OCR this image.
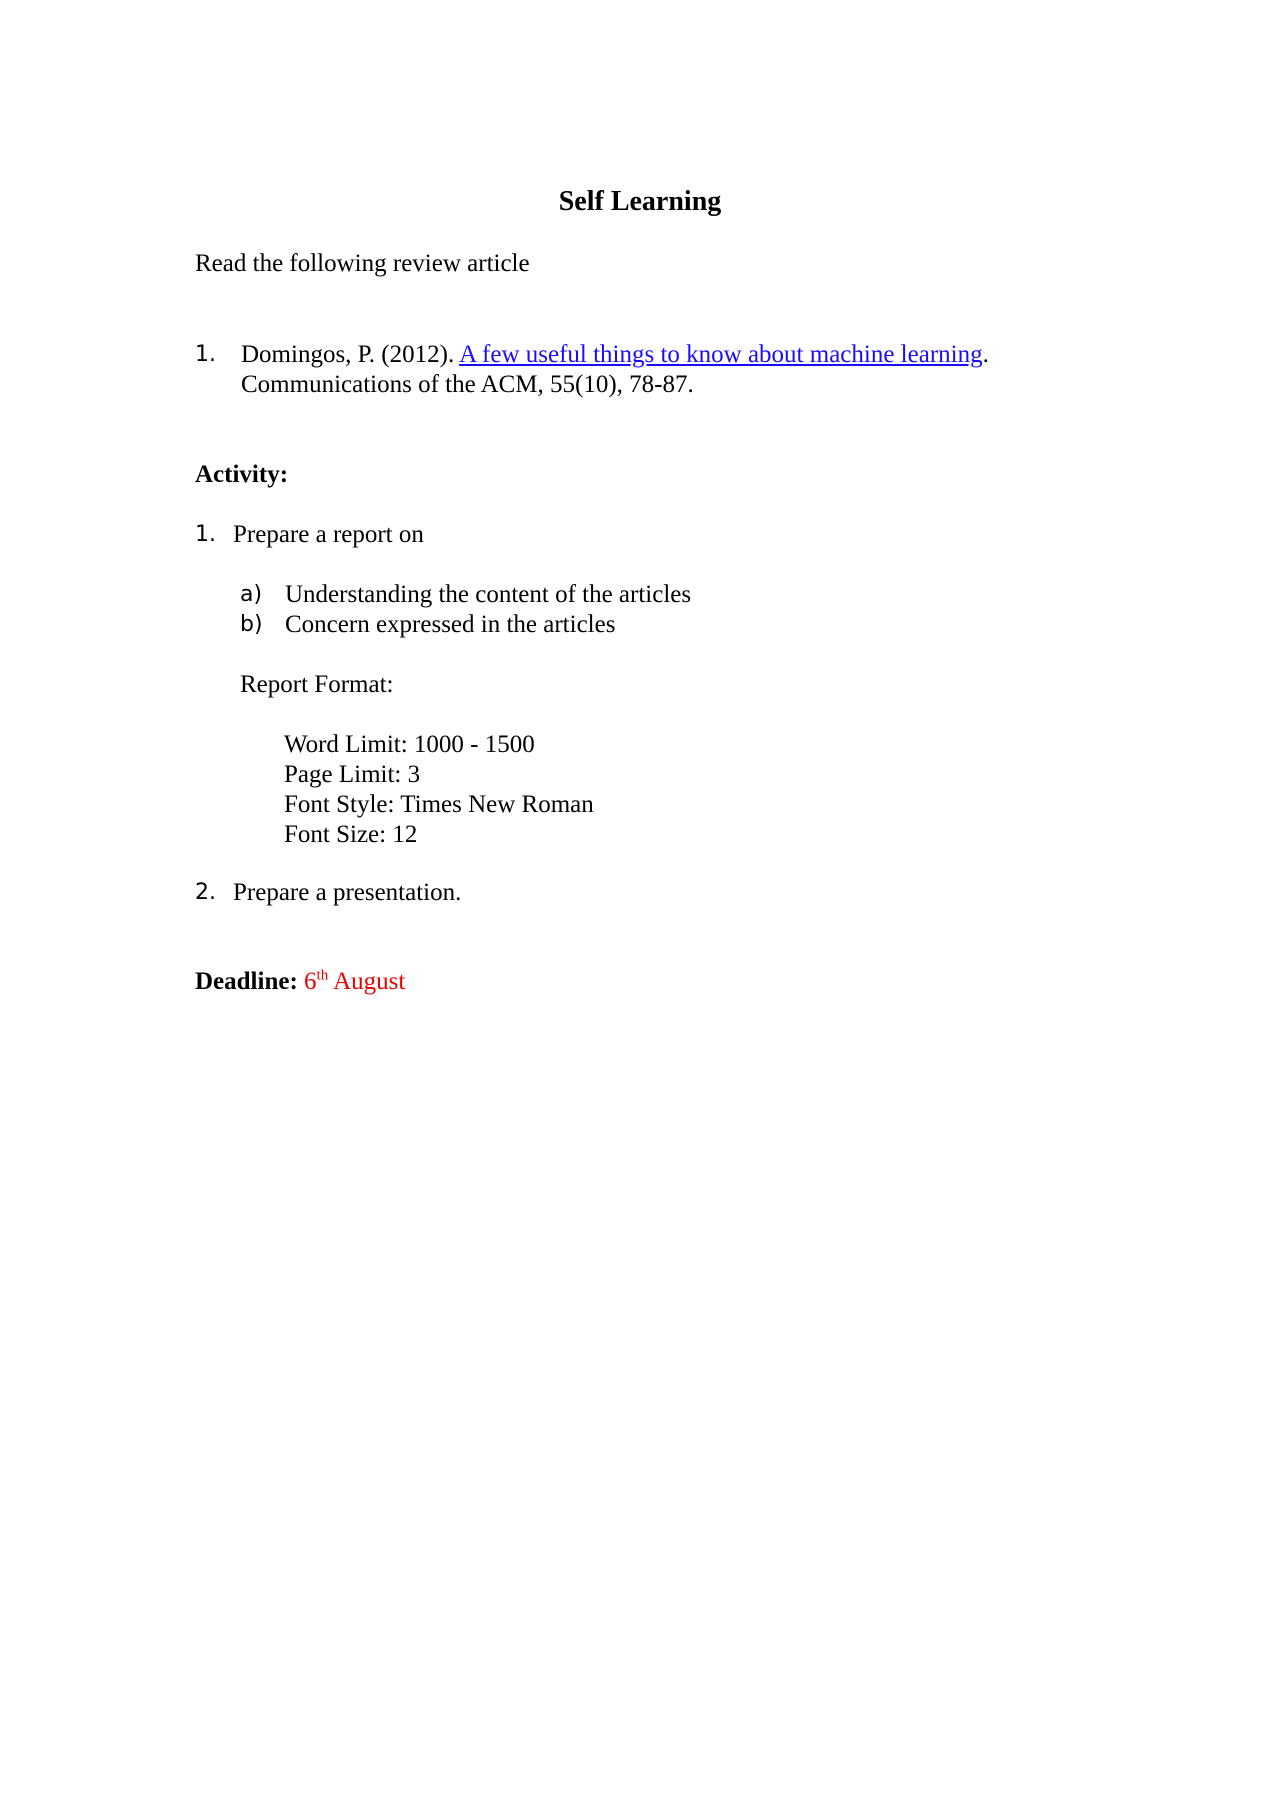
Self Learning
Read the following review article
1. Domingos, P. (2012). A few useful things to know about machine learning.
Communications of the ACM, 55(10), 78-87.
Activity:
1. Prepare a report on
a) Understanding the content of the articles
b) Concern expressed in the articles
Report Format:
Word Limit: 1000 - 1500
Page Limit: 3
Font Style: Times New Roman
Font Size: 12
2. Prepare a presentation.
Deadline: 6th August
